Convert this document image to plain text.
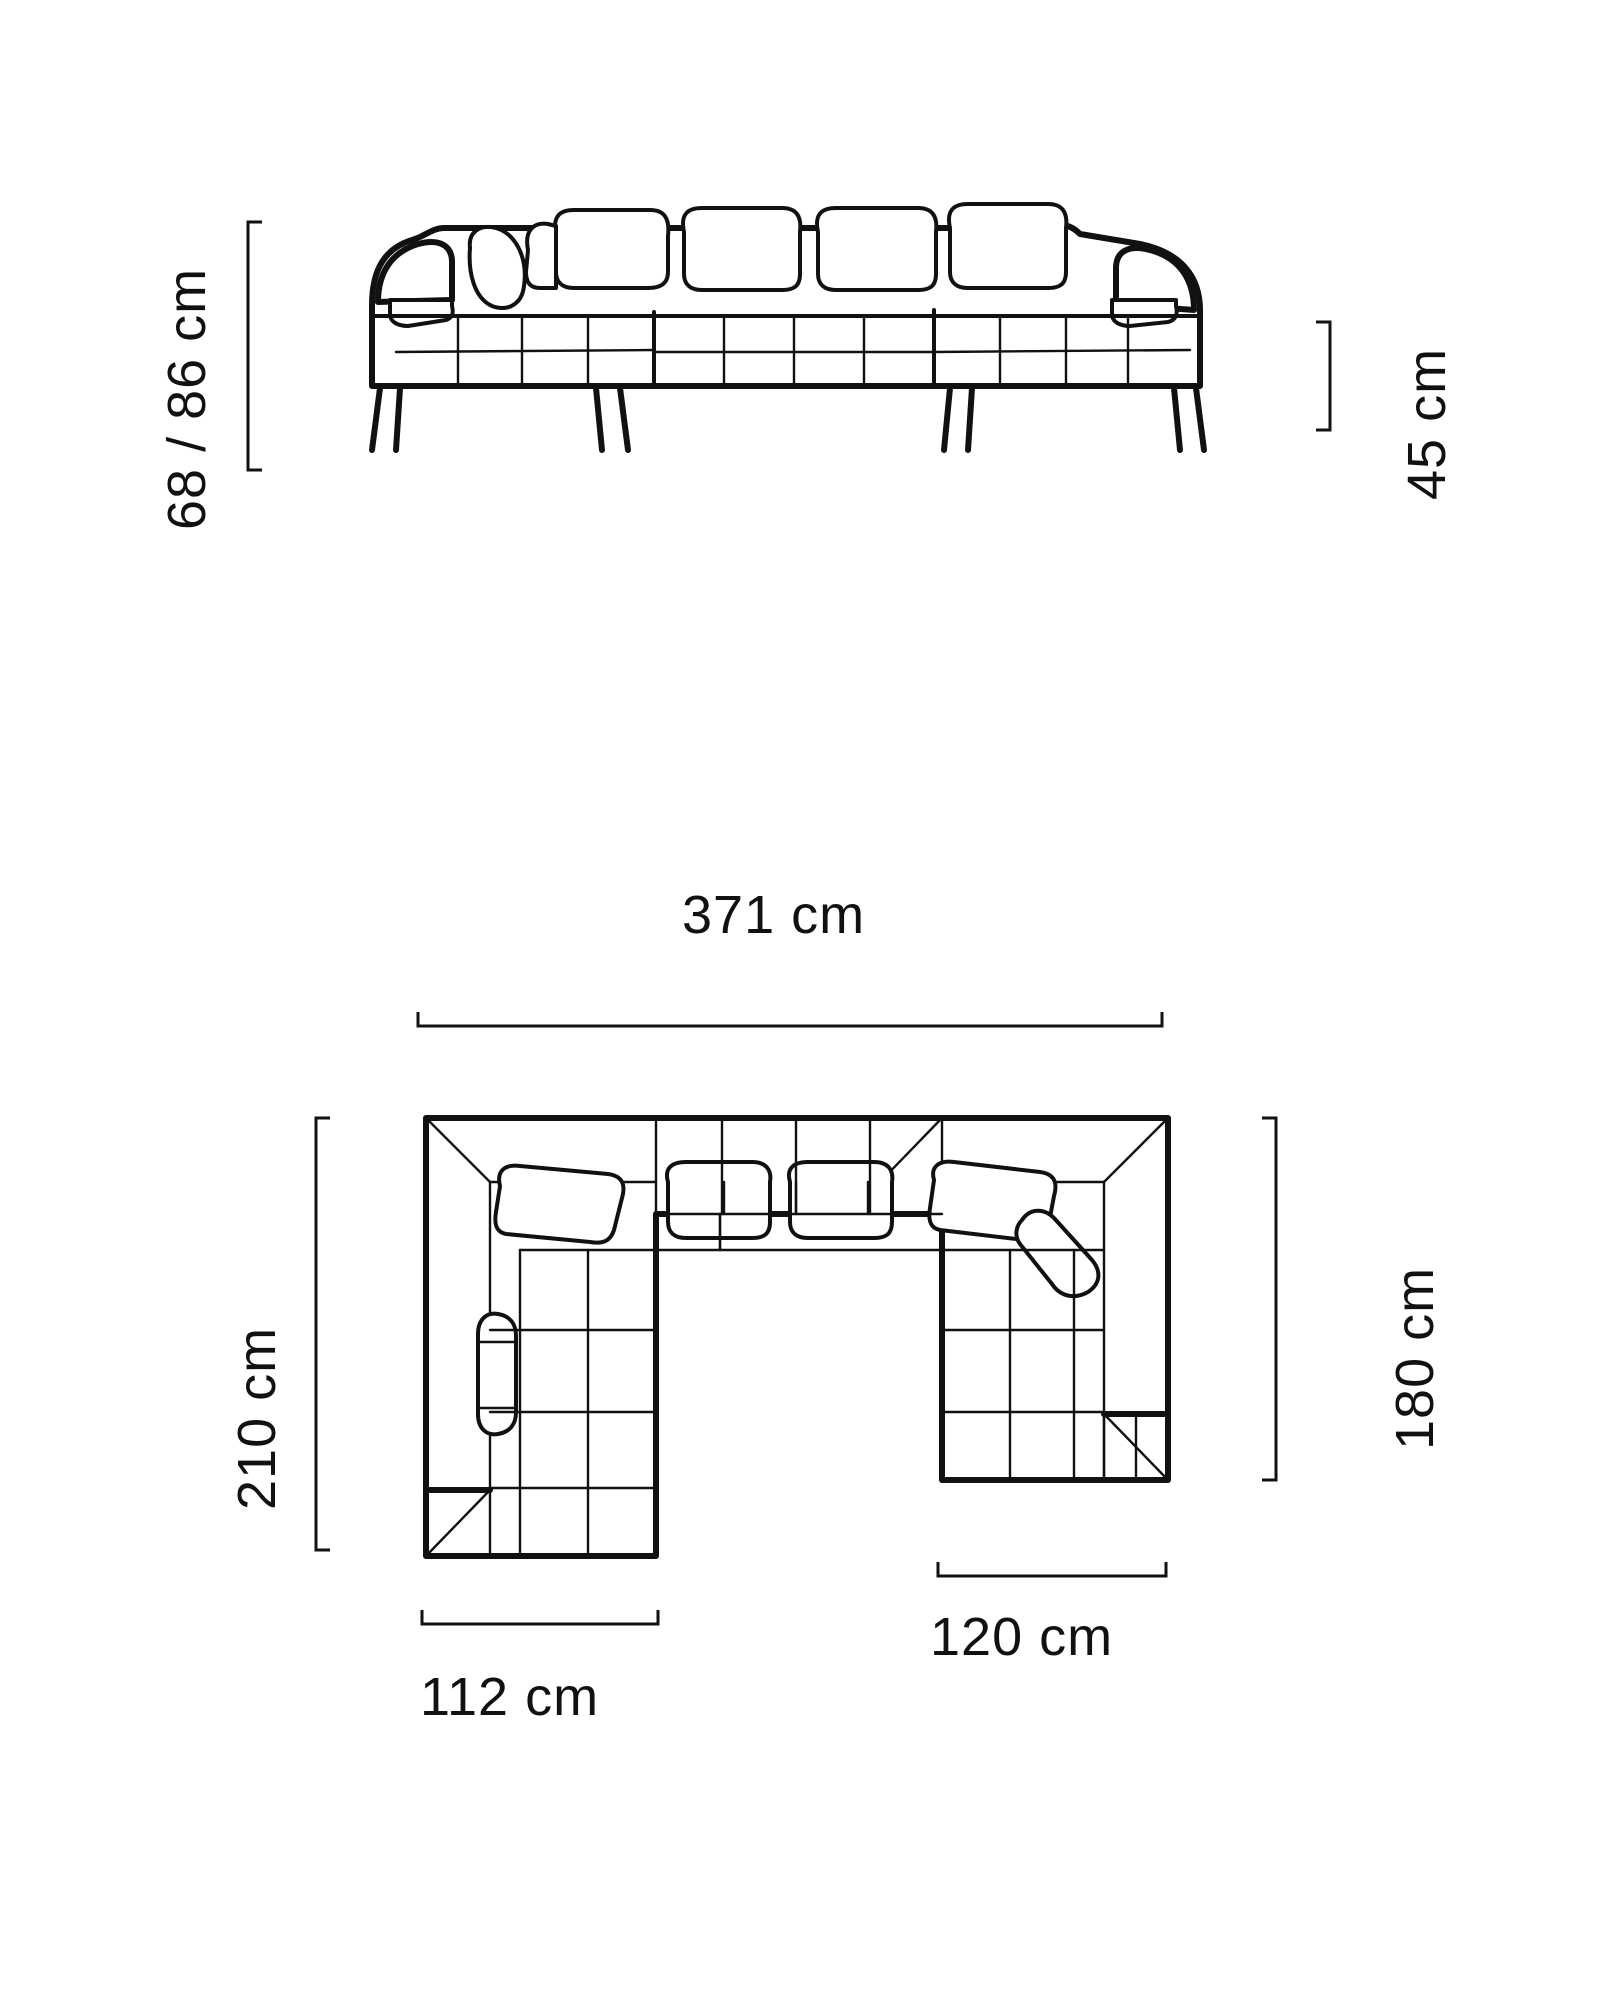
68 / 86 cm	45 cm
371 cm
210 cm	180 cm
112 cm
120 cm
